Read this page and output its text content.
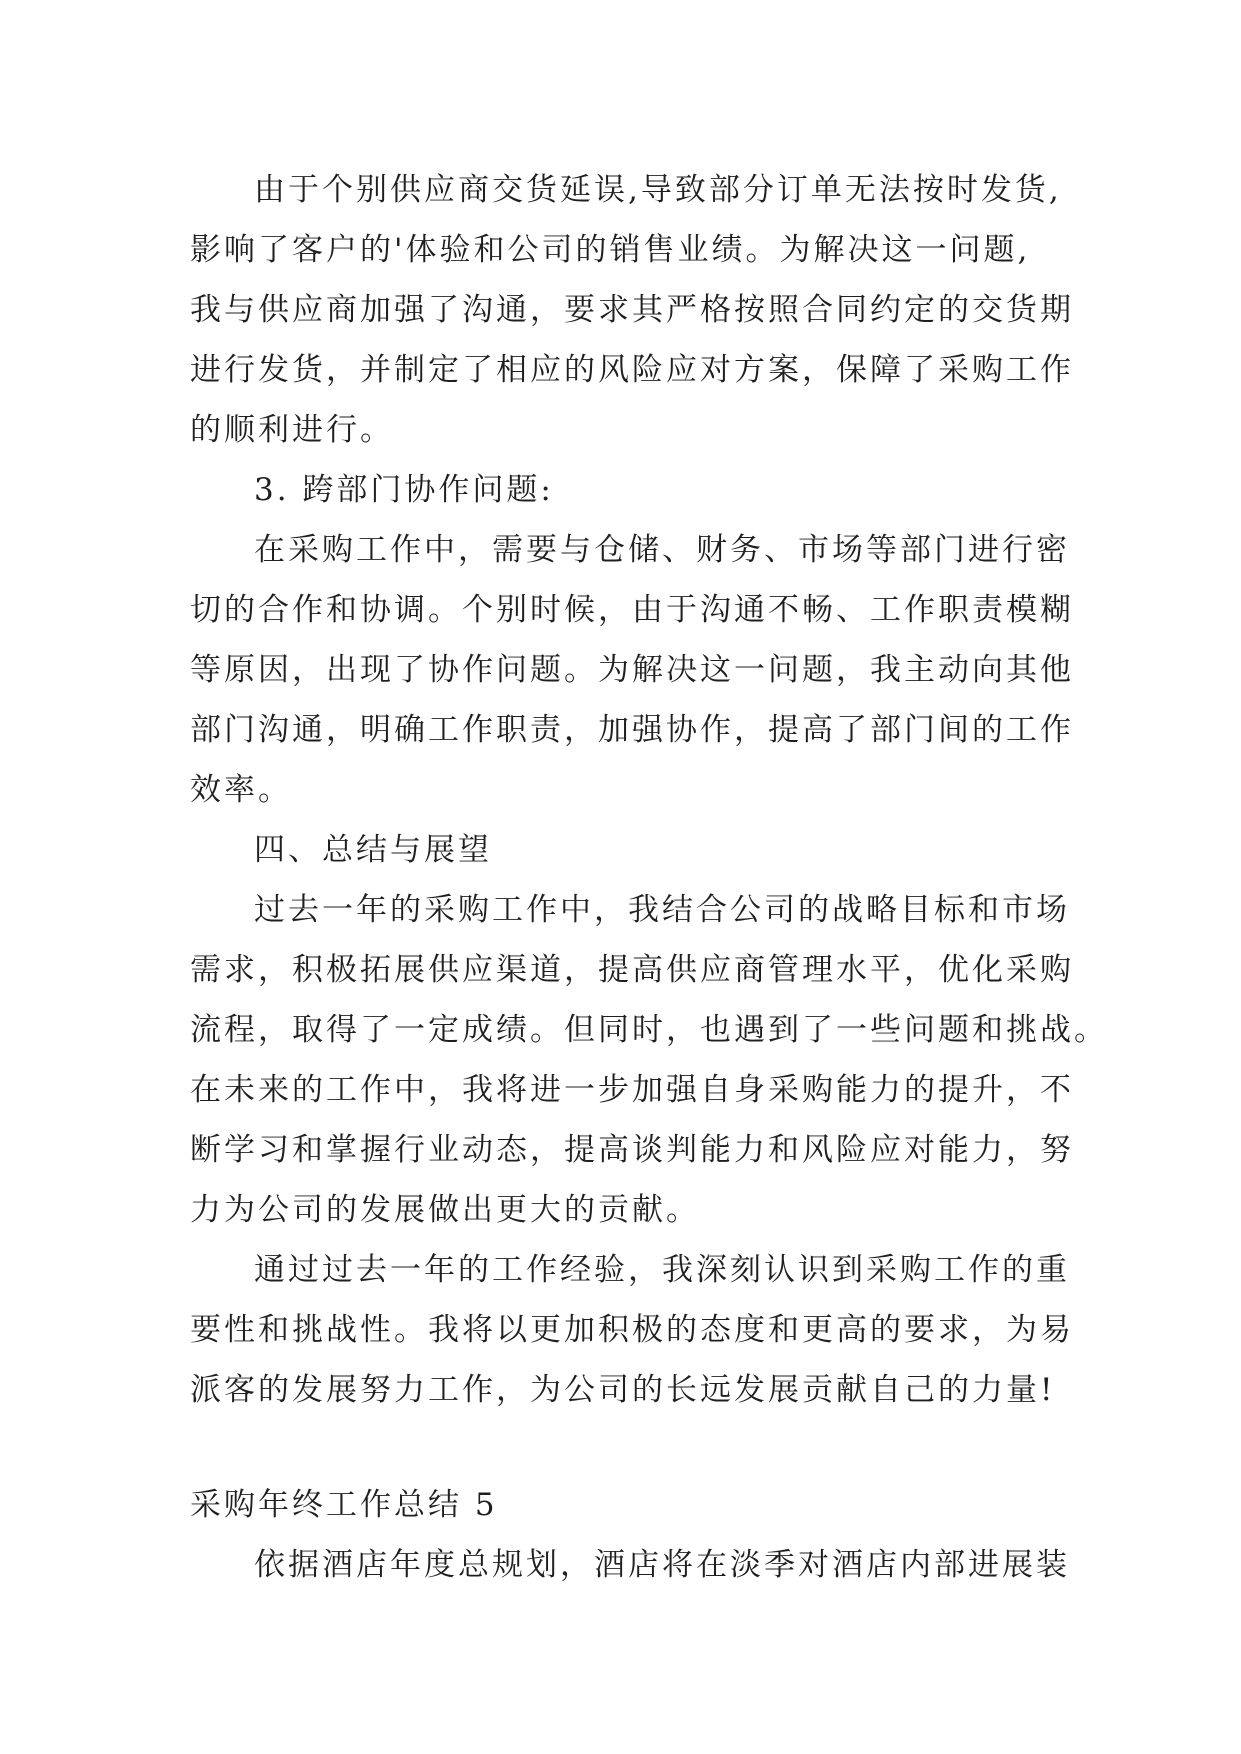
由于个别供应商交货延误,导致部分订单无法按时发货,
影响了客户的'体验和公司的销售业绩。为解决这一问题,
我与供应商加强了沟通，要求其严格按照合同约定的交货期
进行发货，并制定了相应的风险应对方案，保障了采购工作
的顺利进行。
3. 跨部门协作问题:
在采购工作中，需要与仓储、财务、市场等部门进行密
切的合作和协调。个别时候，由于沟通不畅、工作职责模糊
等原因，出现了协作问题。为解决这一问题，我主动向其他
部门沟通，明确工作职责，加强协作，提高了部门间的工作
效率。
四、总结与展望
过去一年的采购工作中，我结合公司的战略目标和市场
需求，积极拓展供应渠道，提高供应商管理水平，优化采购
流程，取得了一定成绩。但同时，也遇到了一些问题和挑战。
在未来的工作中，我将进一步加强自身采购能力的提升，不
断学习和掌握行业动态，提高谈判能力和风险应对能力，努
力为公司的发展做出更大的贡献。
通过过去一年的工作经验，我深刻认识到采购工作的重
要性和挑战性。我将以更加积极的态度和更高的要求，为易
派客的发展努力工作，为公司的长远发展贡献自己的力量!
采购年终工作总结 5
依据酒店年度总规划，酒店将在淡季对酒店内部进展装
